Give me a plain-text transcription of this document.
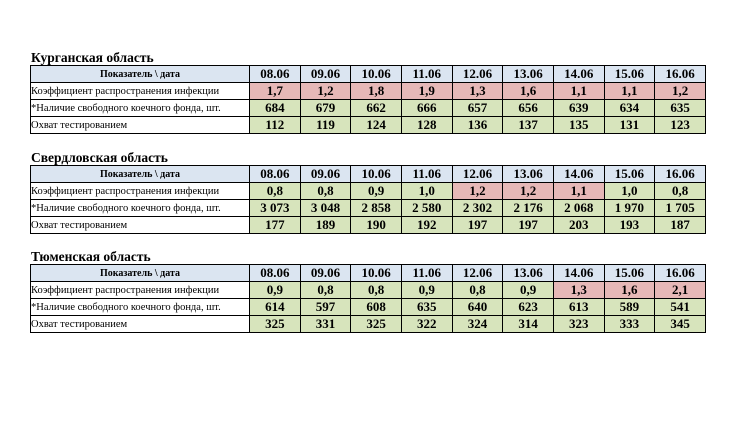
Курганская область
Показатель \ дата	08.06	09.06	10.06	11.06	12.06	13.06	14.06	15.06	16.06
Коэффициент распространения инфекции	1,7	1,2	1,8	1,9	1,3	1,6	1,1	1,1	1,2
*Наличие свободного коечного фонда, шт.	684	679	662	666	657	656	639	634	635
Охват тестированием	112	119	124	128	136	137	135	131	123
Свердловская область
Показатель \ дата	08.06	09.06	10.06	11.06	12.06	13.06	14.06	15.06	16.06
Коэффициент распространения инфекции	0,8	0,8	0,9	1,0	1,2	1,2	1,1	1,0	0,8
*Наличие свободного коечного фонда, шт.	3 073	3 048	2 858	2 580	2 302	2 176	2 068	1 970	1 705
Охват тестированием	177	189	190	192	197	197	203	193	187
Тюменская область
Показатель \ дата	08.06	09.06	10.06	11.06	12.06	13.06	14.06	15.06	16.06
Коэффициент распространения инфекции	0,9	0,8	0,8	0,9	0,8	0,9	1,3	1,6	2,1
*Наличие свободного коечного фонда, шт.	614	597	608	635	640	623	613	589	541
Охват тестированием	325	331	325	322	324	314	323	333	345
